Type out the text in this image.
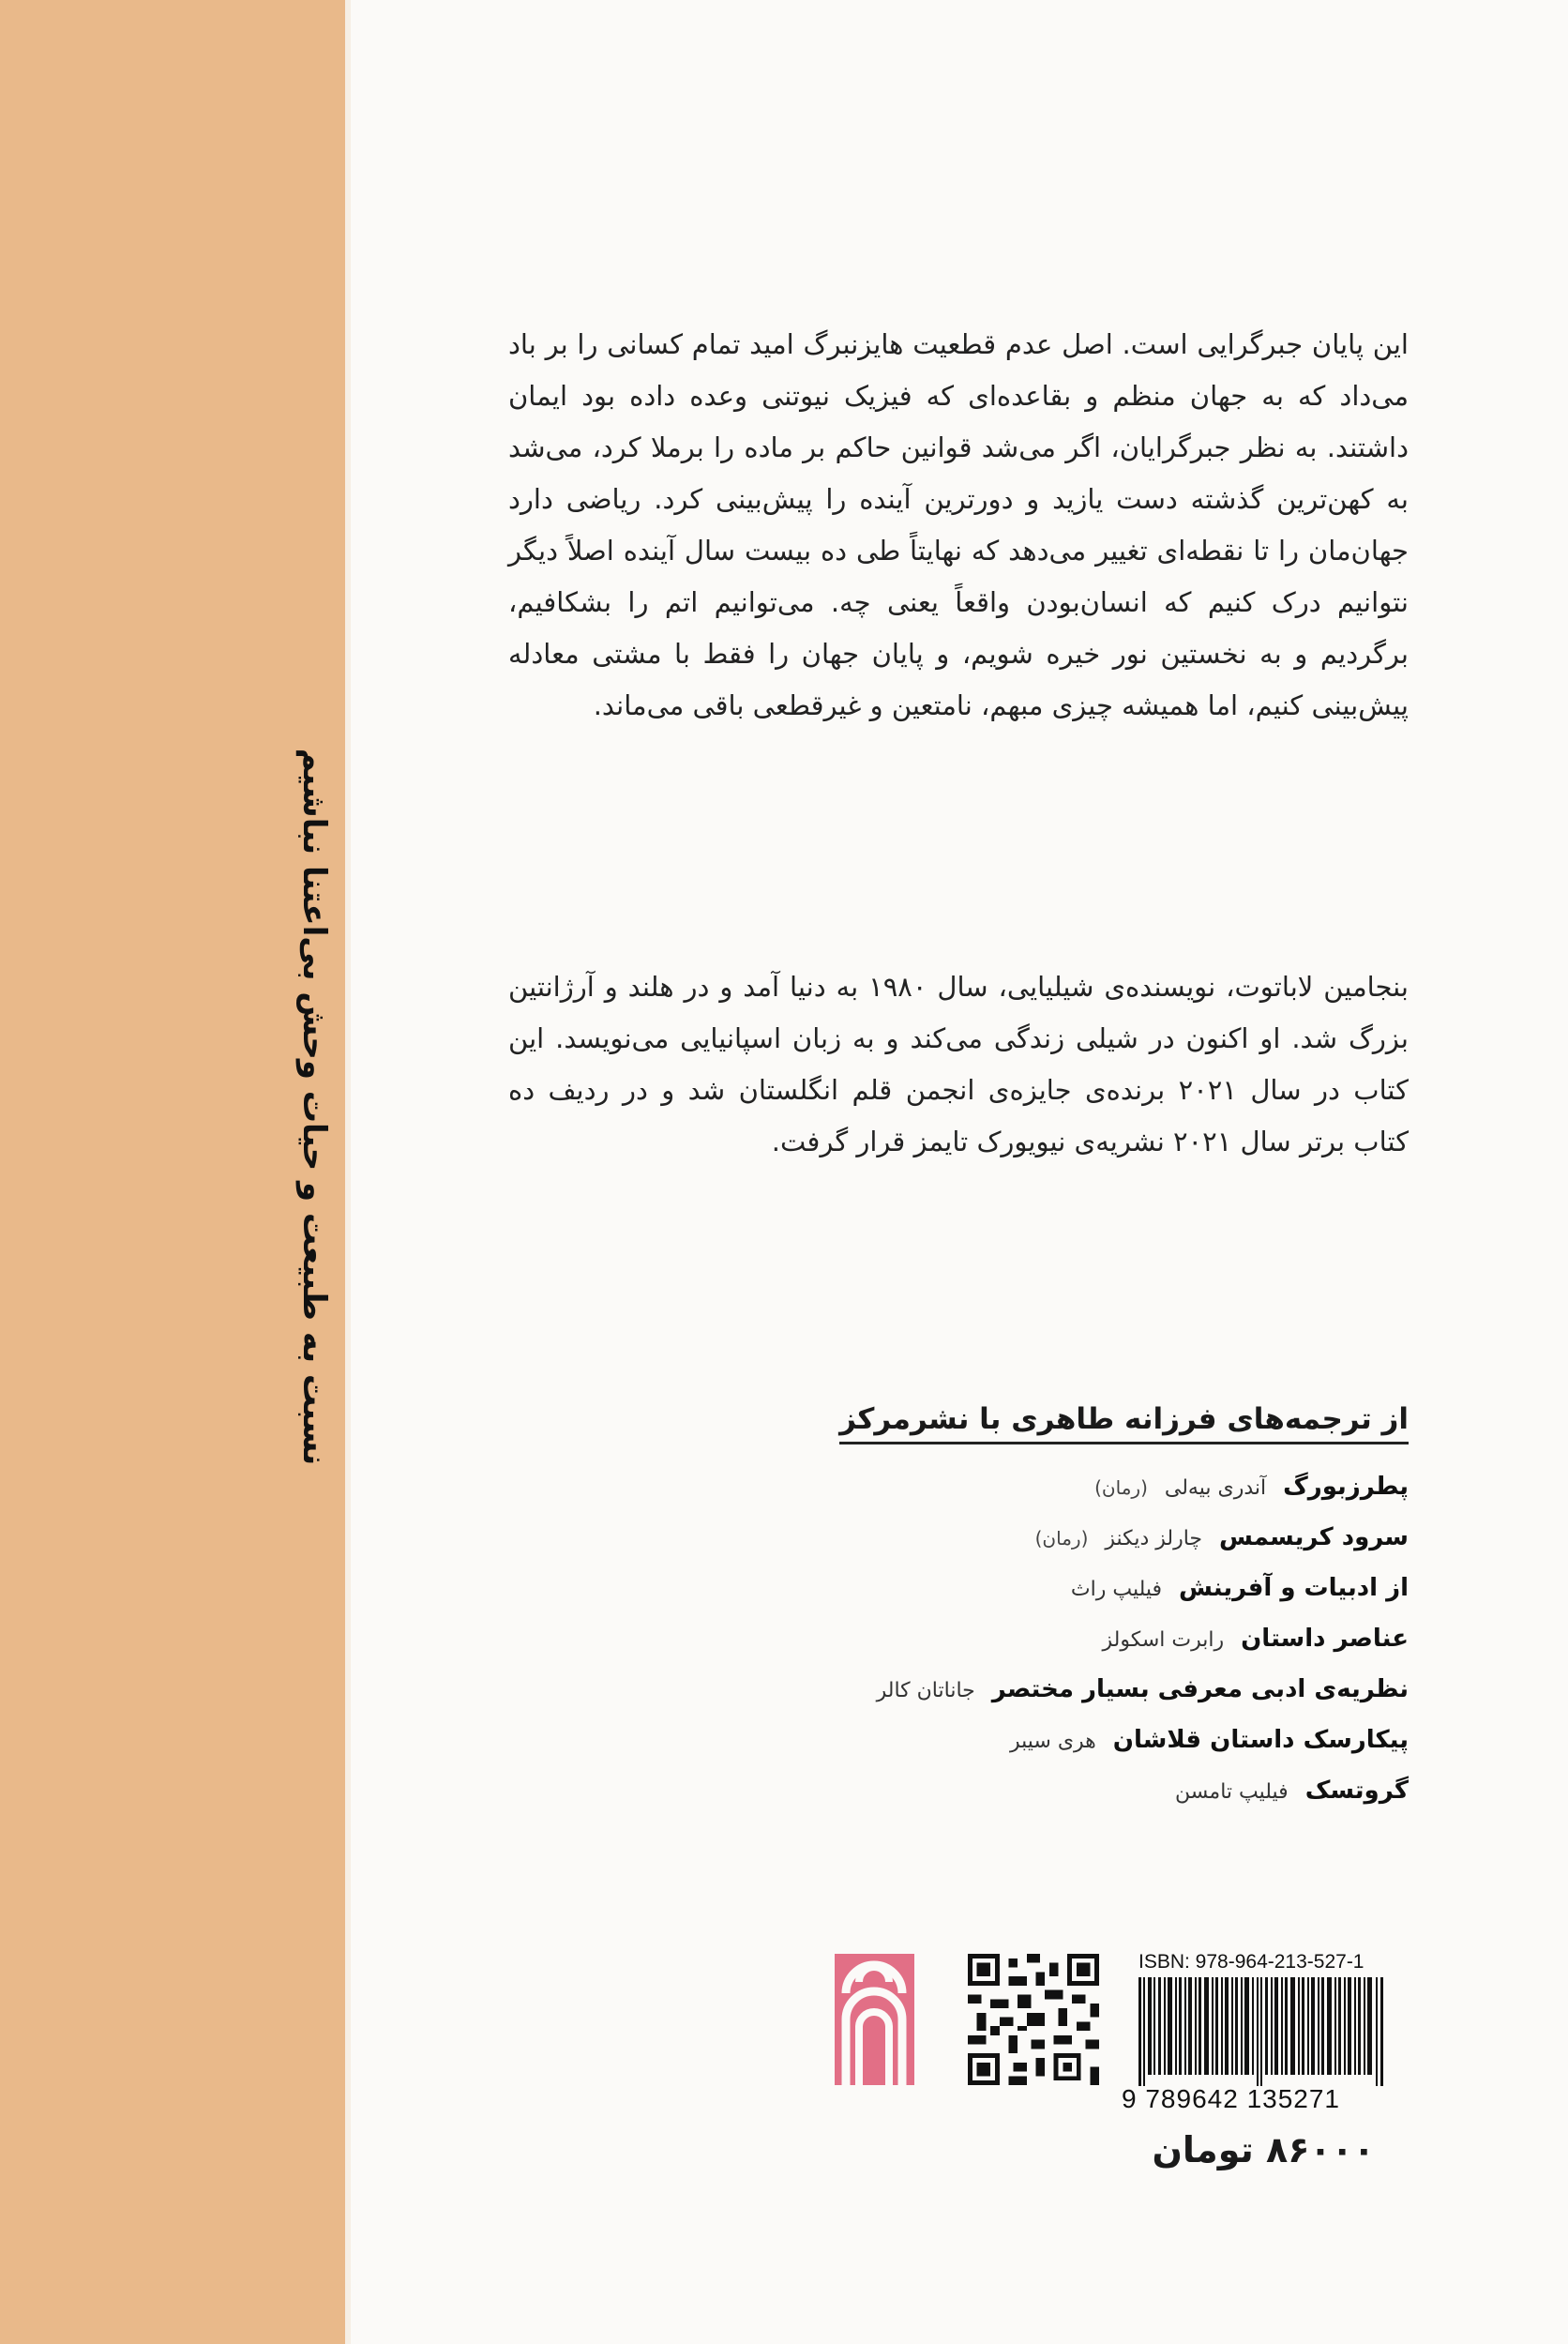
نسبت به طبیعت و حیات وحش بی‌اعتنا نباشیم

این پایان جبرگرایی است. اصل عدم قطعیت هایزنبرگ امید تمام کسانی را بر باد می‌داد که به جهان منظم و بقاعده‌ای که فیزیک نیوتنی وعده داده بود ایمان داشتند. به نظر جبرگرایان، اگر می‌شد قوانین حاکم بر ماده را برملا کرد، می‌شد به کهن‌ترین گذشته دست یازید و دورترین آینده را پیش‌بینی کرد. ریاضی دارد جهان‌مان را تا نقطه‌ای تغییر می‌دهد که نهایتاً طی ده بیست سال آینده اصلاً دیگر نتوانیم درک کنیم که انسان‌بودن واقعاً یعنی چه. می‌توانیم اتم را بشکافیم، برگردیم و به نخستین نور خیره شویم، و پایان جهان را فقط با مشتی معادله پیش‌بینی کنیم، اما همیشه چیزی مبهم، نامتعین و غیرقطعی باقی می‌ماند.

بنجامین لاباتوت، نویسنده‌ی شیلیایی، سال ۱۹۸۰ به دنیا آمد و در هلند و آرژانتین بزرگ شد. او اکنون در شیلی زندگی می‌کند و به زبان اسپانیایی می‌نویسد. این کتاب در سال ۲۰۲۱ برنده‌ی جایزه‌ی انجمن قلم انگلستان شد و در ردیف ده کتاب برتر سال ۲۰۲۱ نشریه‌ی نیویورک تایمز قرار گرفت.

از ترجمه‌های فرزانه طاهری با نشرمرکز
پطرزبورگ
آندری بیه‌لی
(رمان)
سرود کریسمس
چارلز دیکنز
(رمان)
از ادبیات و آفرینش
فیلیپ راث
عناصر داستان
رابرت اسکولز
نظریه‌ی ادبی معرفی بسیار مختصر
جاناتان کالر
پیکارسک داستان قلاشان
هری سیبر
گروتسک
فیلیپ تامسن
ISBN: 978-964-213-527-1
9 789642 135271

۸۶۰۰۰ تومان
